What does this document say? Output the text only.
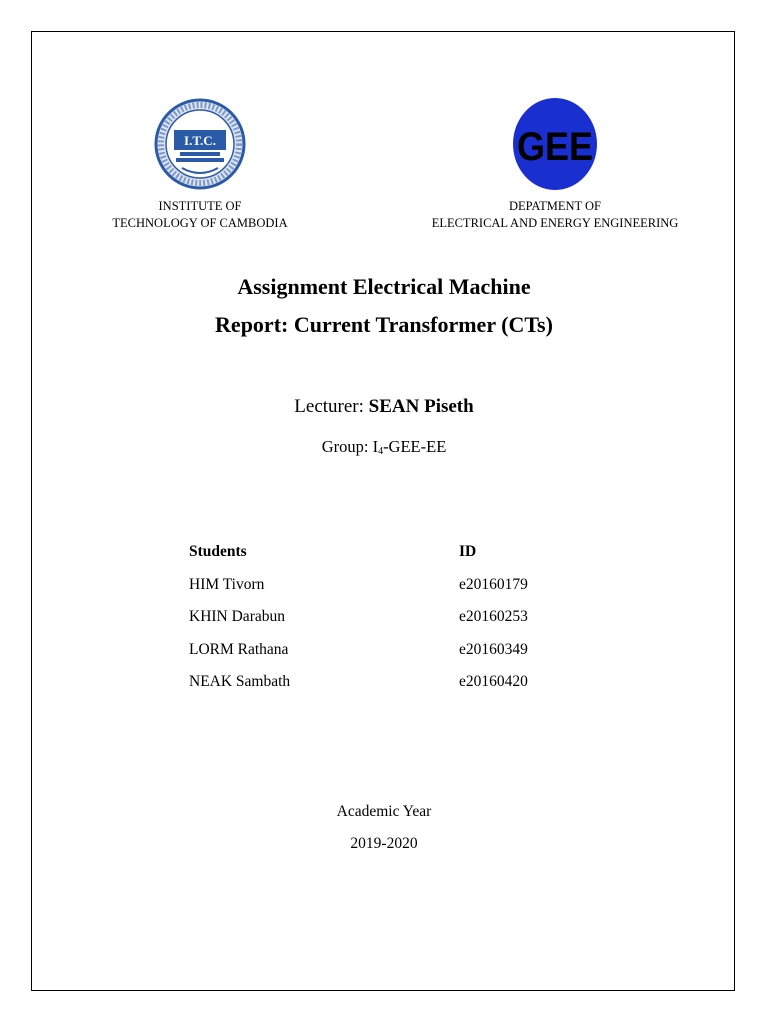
I.T.C.
INSTITUTE OF
TECHNOLOGY OF CAMBODIA
GEE
DEPATMENT OF
ELECTRICAL AND ENERGY ENGINEERING
Assignment Electrical Machine
Report: Current Transformer (CTs)
Lecturer: SEAN Piseth
Group: $I_4-GEE-EE$
Students	ID
HIM Tivorn	e20160179
KHIN Darabun	e20160253
LORM Rathana	e20160349
NEAK Sambath	e20160420
Academic Year
2019-2020
